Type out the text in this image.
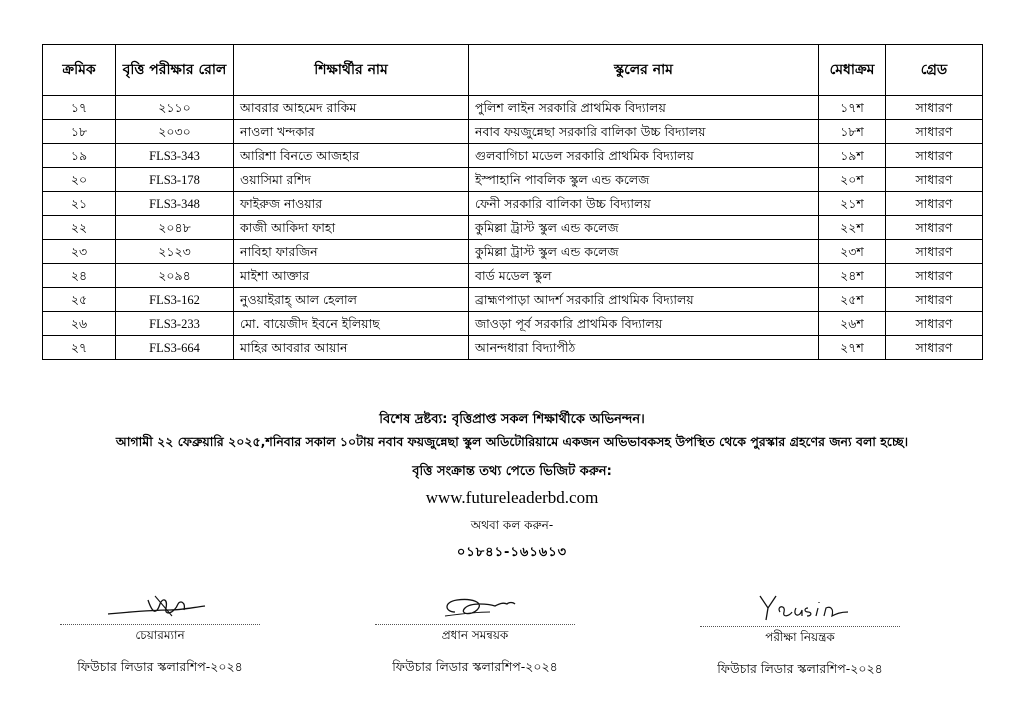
ক্রমিক	বৃত্তি পরীক্ষার রোল	শিক্ষার্থীর নাম	স্কুলের নাম	মেধাক্রম	গ্রেড
১৭	২১১০	আবরার আহমেদ রাকিম	পুলিশ লাইন সরকারি প্রাথমিক বিদ্যালয়	১৭শ	সাধারণ
১৮	২০৩০	নাওলা খন্দকার	নবাব ফয়জুন্নেছা সরকারি বালিকা উচ্চ বিদ্যালয়	১৮শ	সাধারণ
১৯	FLS3-343	আরিশা বিনতে আজহার	গুলবাগিচা মডেল সরকারি প্রাথমিক বিদ্যালয়	১৯শ	সাধারণ
২০	FLS3-178	ওয়াসিমা রশিদ	ইস্পাহানি পাবলিক স্কুল এন্ড কলেজ	২০শ	সাধারণ
২১	FLS3-348	ফাইরুজ নাওয়ার	ফেনী সরকারি বালিকা উচ্চ বিদ্যালয়	২১শ	সাধারণ
২২	২০৪৮	কাজী আকিদা ফাহা	কুমিল্লা ট্রাস্ট স্কুল এন্ড কলেজ	২২শ	সাধারণ
২৩	২১২৩	নাবিহা ফারজিন	কুমিল্লা ট্রাস্ট স্কুল এন্ড কলেজ	২৩শ	সাধারণ
২৪	২০৯৪	মাইশা আক্তার	বার্ড মডেল স্কুল	২৪শ	সাধারণ
২৫	FLS3-162	নুওয়াইরাহ্ আল হেলাল	ব্রাহ্মণপাড়া আদর্শ সরকারি প্রাথমিক বিদ্যালয়	২৫শ	সাধারণ
২৬	FLS3-233	মো. বায়েজীদ ইবনে ইলিয়াছ	জাওড়া পূর্ব সরকারি প্রাথমিক বিদ্যালয়	২৬শ	সাধারণ
২৭	FLS3-664	মাহির আবরার আয়ান	আনন্দধারা বিদ্যাপীঠ	২৭শ	সাধারণ
বিশেষ দ্রষ্টব্য: বৃত্তিপ্রাপ্ত সকল শিক্ষার্থীকে অভিনন্দন।
আগামী ২২ ফেব্রুয়ারি ২০২৫,শনিবার সকাল ১০টায় নবাব ফয়জুন্নেছা স্কুল অডিটোরিয়ামে একজন অভিভাবকসহ উপস্থিত থেকে পুরস্কার গ্রহণের জন্য বলা হচ্ছে।
বৃত্তি সংক্রান্ত তথ্য পেতে ভিজিট করুন:
www.futureleaderbd.com
অথবা কল করুন-
০১৮৪১-১৬১৬১৩
চেয়ারম্যান
ফিউচার লিডার স্কলারশিপ-২০২৪
প্রধান সমন্বয়ক
ফিউচার লিডার স্কলারশিপ-২০২৪
পরীক্ষা নিয়ন্ত্রক
ফিউচার লিডার স্কলারশিপ-২০২৪
